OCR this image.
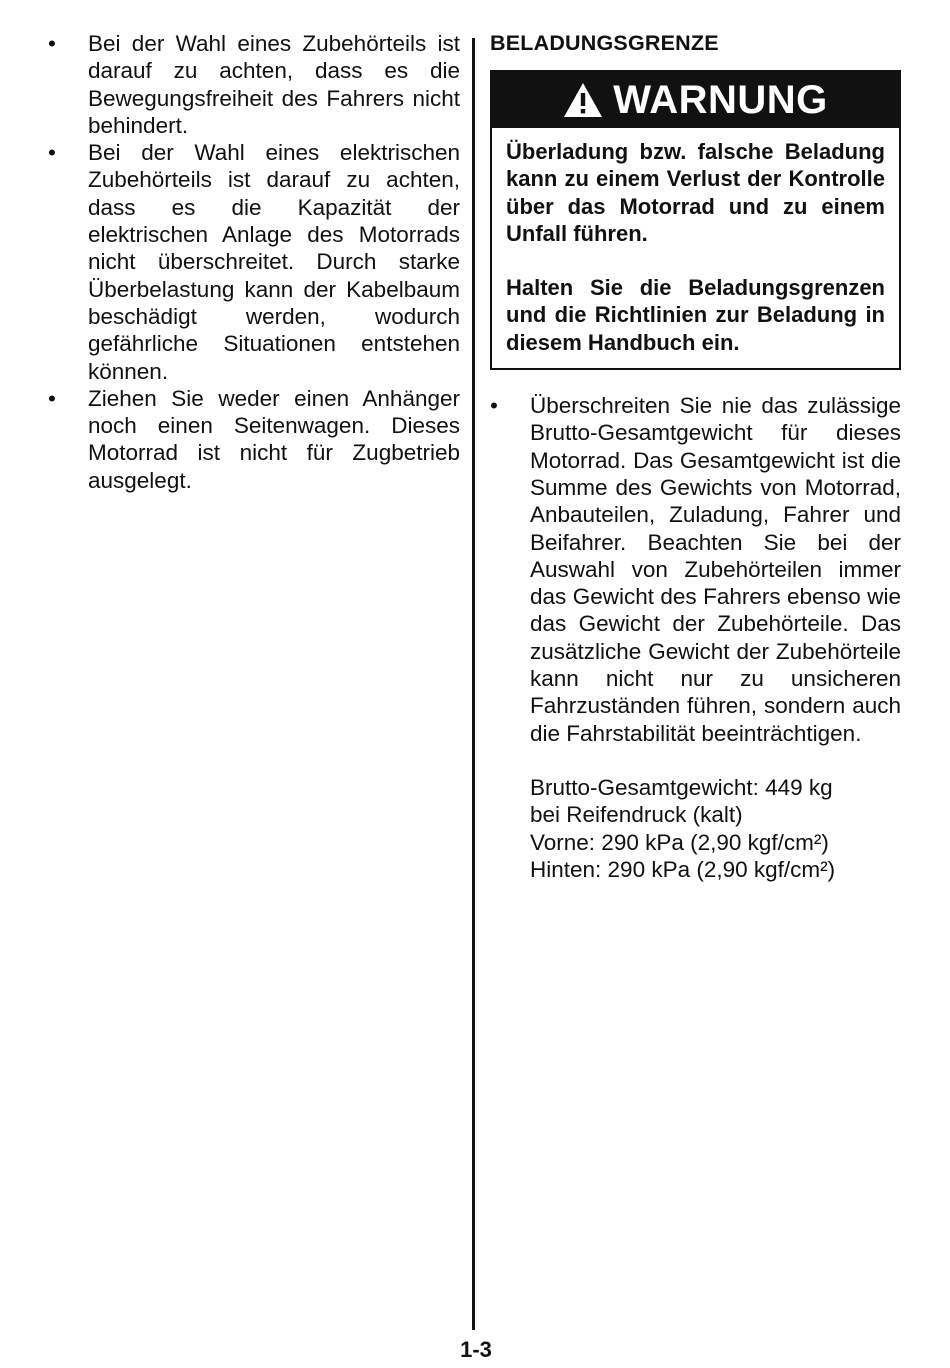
•	Bei der Wahl eines Zubehörteils ist darauf zu achten, dass es die Bewegungsfreiheit des Fahrers nicht behindert.
•	Bei der Wahl eines elektrischen Zubehörteils ist darauf zu achten, dass es die Kapazität der elektrischen Anlage des Motorrads nicht überschreitet. Durch starke Überbelastung kann der Kabelbaum beschädigt werden, wodurch gefährliche Situationen entstehen können.
•	Ziehen Sie weder einen Anhänger noch einen Seitenwagen. Dieses Motorrad ist nicht für Zugbetrieb ausgelegt.
BELADUNGSGRENZE
WARNUNG

Überladung bzw. falsche Beladung kann zu einem Verlust der Kontrolle über das Motorrad und zu einem Unfall führen.

Halten Sie die Beladungsgrenzen und die Richtlinien zur Beladung in diesem Handbuch ein.

•	Überschreiten Sie nie das zulässige Brutto-Gesamtgewicht für dieses Motorrad. Das Gesamtgewicht ist die Summe des Gewichts von Motorrad, Anbauteilen, Zuladung, Fahrer und Beifahrer. Beachten Sie bei der Auswahl von Zubehörteilen immer das Gewicht des Fahrers ebenso wie das Gewicht der Zubehörteile. Das zusätzliche Gewicht der Zubehörteile kann nicht nur zu unsicheren Fahrzuständen führen, sondern auch die Fahrstabilität beeinträchtigen.
Brutto-Gesamtgewicht: 449 kg
bei Reifendruck (kalt)
Vorne: 290 kPa (2,90 kgf/cm²)
Hinten: 290 kPa (2,90 kgf/cm²)
1-3
